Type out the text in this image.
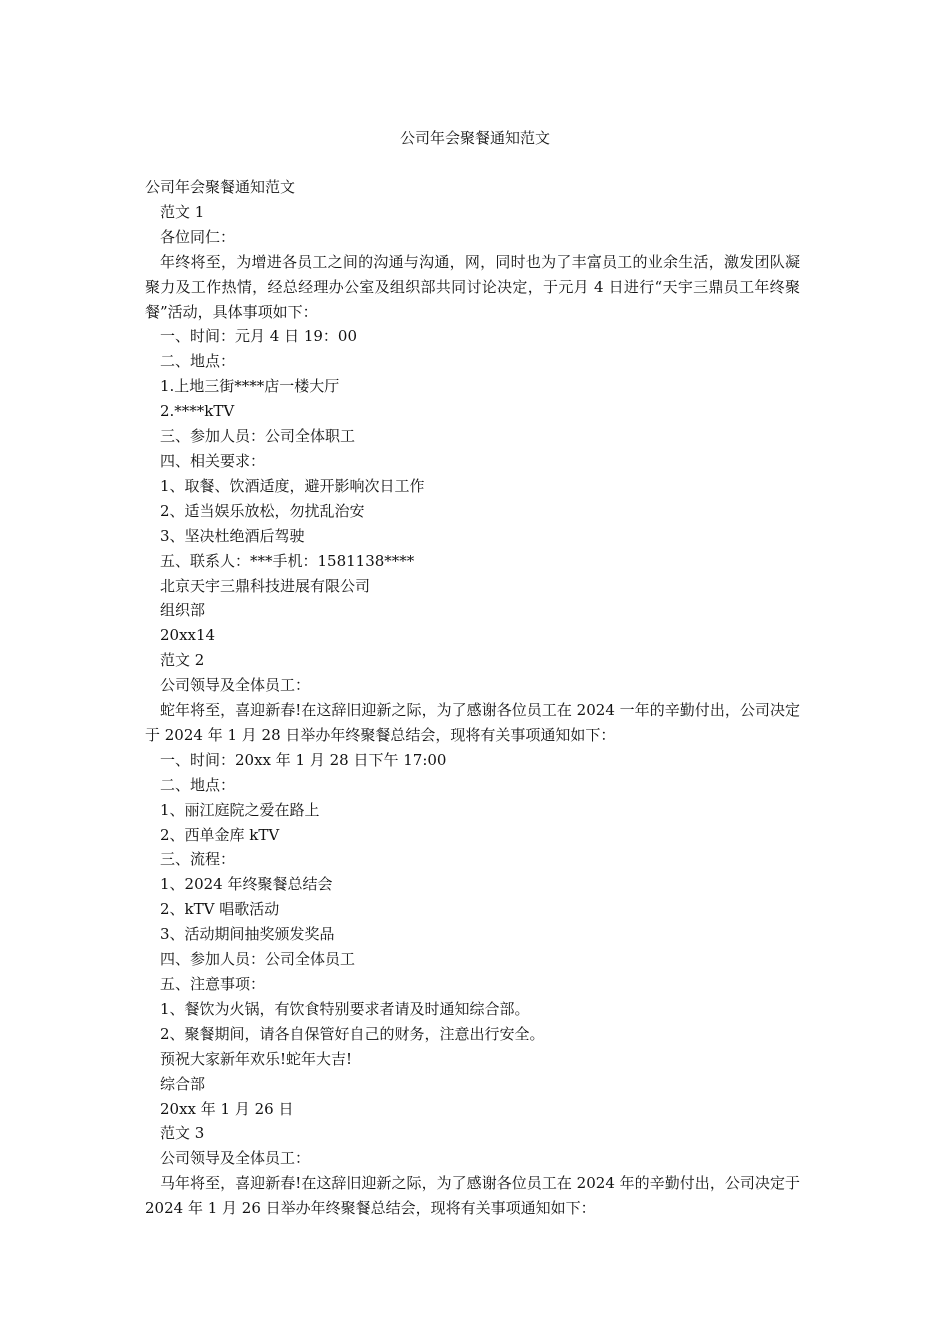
公司年会聚餐通知范文
公司年会聚餐通知范文
范文 1
各位同仁：
年终将至，为增进各员工之间的沟通与沟通，网，同时也为了丰富员工的业余生活，激发团队凝聚力及工作热情，经总经理办公室及组织部共同讨论决定，于元月 4 日进行“天宇三鼎员工年终聚餐”活动，具体事项如下：
一、时间：元月 4 日 19：00
二、地点：
1.上地三街****店一楼大厅
2.****kTV
三、参加人员：公司全体职工
四、相关要求：
1、取餐、饮酒适度，避开影响次日工作
2、适当娱乐放松，勿扰乱治安
3、坚决杜绝酒后驾驶
五、联系人：***手机：1581138****
北京天宇三鼎科技进展有限公司
组织部
20xx14
范文 2
公司领导及全体员工：
蛇年将至，喜迎新春!在这辞旧迎新之际，为了感谢各位员工在 2024 一年的辛勤付出，公司决定于 2024 年 1 月 28 日举办年终聚餐总结会，现将有关事项通知如下：
一、时间：20xx 年 1 月 28 日下午 17:00
二、地点：
1、丽江庭院之爱在路上
2、西单金库 kTV
三、流程：
1、2024 年终聚餐总结会
2、kTV 唱歌活动
3、活动期间抽奖颁发奖品
四、参加人员：公司全体员工
五、注意事项：
1、餐饮为火锅，有饮食特别要求者请及时通知综合部。
2、聚餐期间，请各自保管好自己的财务，注意出行安全。
预祝大家新年欢乐!蛇年大吉!
综合部
20xx 年 1 月 26 日
范文 3
公司领导及全体员工：
马年将至，喜迎新春!在这辞旧迎新之际，为了感谢各位员工在 2024 年的辛勤付出，公司决定于 2024 年 1 月 26 日举办年终聚餐总结会，现将有关事项通知如下：
